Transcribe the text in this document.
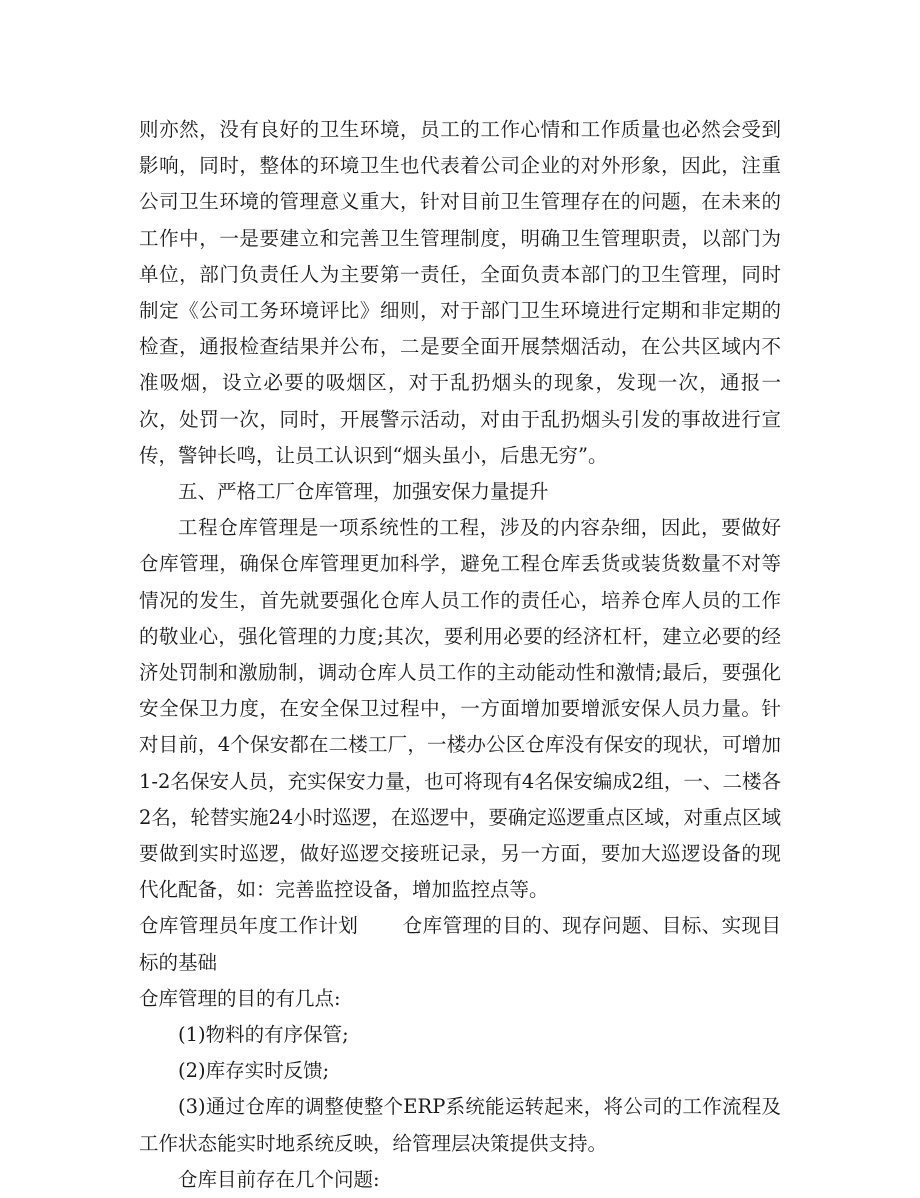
则亦然，没有良好的卫生环境，员工的工作心情和工作质量也必然会受到影响，同时，整体的环境卫生也代表着公司企业的对外形象，因此，注重公司卫生环境的管理意义重大，针对目前卫生管理存在的问题，在未来的工作中，一是要建立和完善卫生管理制度，明确卫生管理职责，以部门为单位，部门负责任人为主要第一责任，全面负责本部门的卫生管理，同时制定《公司工务环境评比》细则，对于部门卫生环境进行定期和非定期的检查，通报检查结果并公布，二是要全面开展禁烟活动，在公共区域内不准吸烟，设立必要的吸烟区，对于乱扔烟头的现象，发现一次，通报一次，处罚一次，同时，开展警示活动，对由于乱扔烟头引发的事故进行宣传，警钟长鸣，让员工认识到“烟头虽小，后患无穷”。

五、严格工厂仓库管理，加强安保力量提升

工程仓库管理是一项系统性的工程，涉及的内容杂细，因此，要做好仓库管理，确保仓库管理更加科学，避免工程仓库丢货或装货数量不对等情况的发生，首先就要强化仓库人员工作的责任心，培养仓库人员的工作的敬业心，强化管理的力度;其次，要利用必要的经济杠杆，建立必要的经济处罚制和激励制，调动仓库人员工作的主动能动性和激情;最后，要强化安全保卫力度，在安全保卫过程中，一方面增加要增派安保人员力量。针对目前，4个保安都在二楼工厂，一楼办公区仓库没有保安的现状，可增加1-2名保安人员，充实保安力量，也可将现有4名保安编成2组，一、二楼各2名，轮替实施24小时巡逻，在巡逻中，要确定巡逻重点区域，对重点区域要做到实时巡逻，做好巡逻交接班记录，另一方面，要加大巡逻设备的现代化配备，如：完善监控设备，增加监控点等。

仓库管理员年度工作计划 仓库管理的目的、现存问题、目标、实现目标的基础

仓库管理的目的有几点:

(1)物料的有序保管;

(2)库存实时反馈;

(3)通过仓库的调整使整个ERP系统能运转起来，将公司的工作流程及工作状态能实时地系统反映，给管理层决策提供支持。

仓库目前存在几个问题:
